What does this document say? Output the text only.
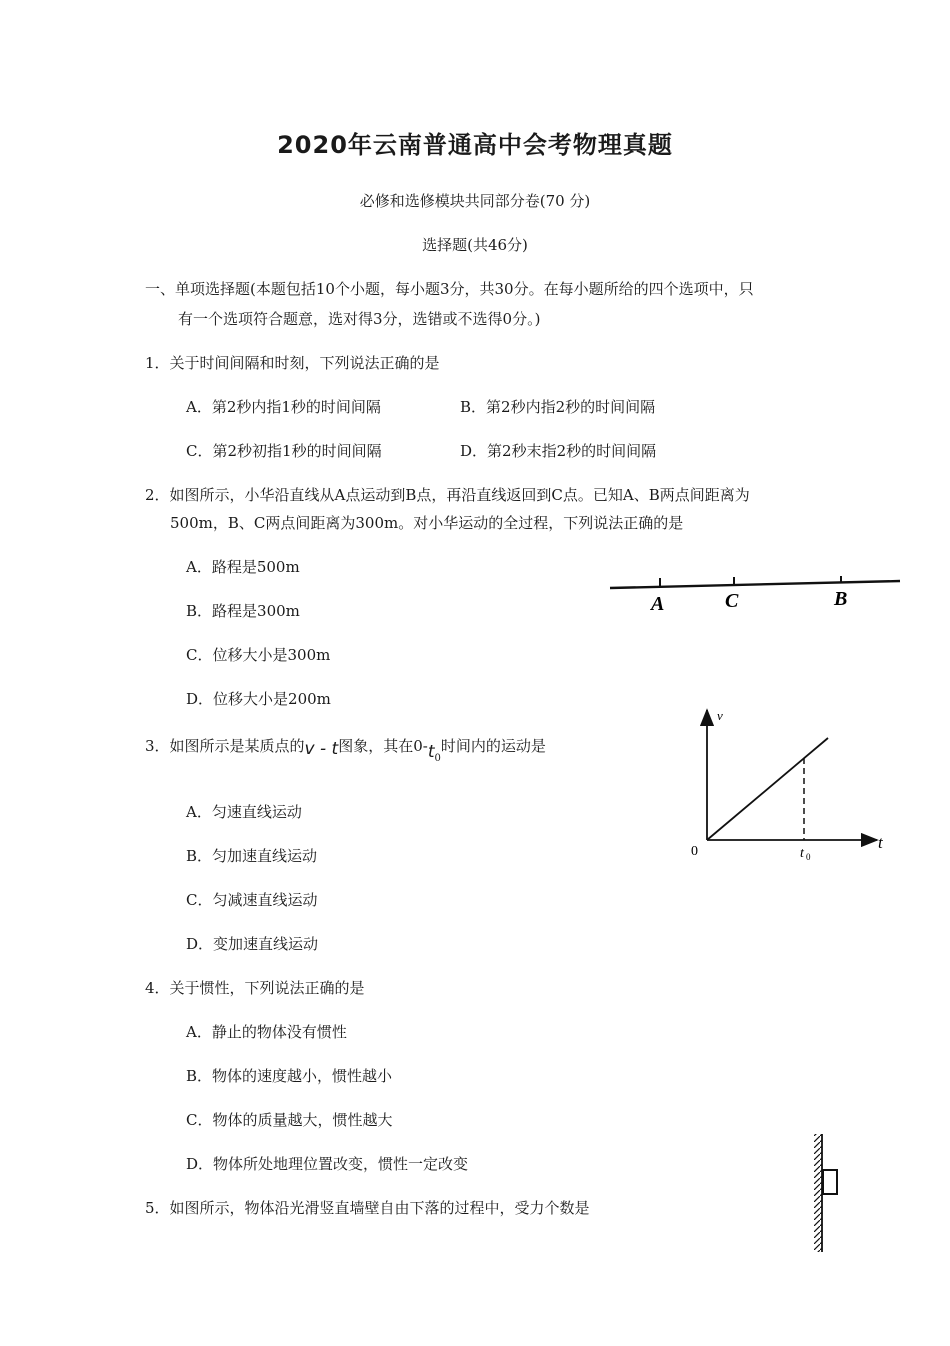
2020年云南普通高中会考物理真题
必修和选修模块共同部分卷(70 分)
选择题(共46分)
一、单项选择题(本题包括10个小题，每小题3分，共30分。在每小题所给的四个选项中，只
有一个选项符合题意，选对得3分，选错或不选得0分。)
1．关于时间间隔和时刻，下列说法正确的是
A．第2秒内指1秒的时间间隔	B．第2秒内指2秒的时间间隔
C．第2秒初指1秒的时间间隔	D．第2秒末指2秒的时间间隔
2．如图所示，小华沿直线从A点运动到B点，再沿直线返回到C点。已知A、B两点间距离为
500m，B、C两点间距离为300m。对小华运动的全过程，下列说法正确的是
A．路程是500m
B．路程是300m
C．位移大小是300m
D．位移大小是200m
A	C	B
3．如图所示是某质点的v - t图象，其在$0-t_0$时间内的运动是
A．匀速直线运动
B．匀加速直线运动
C．匀减速直线运动
D．变加速直线运动
v
t
0	t 0
4．关于惯性，下列说法正确的是
A．静止的物体没有惯性
B．物体的速度越小，惯性越小
C．物体的质量越大，惯性越大
D．物体所处地理位置改变，惯性一定改变
5．如图所示，物体沿光滑竖直墙壁自由下落的过程中，受力个数是
